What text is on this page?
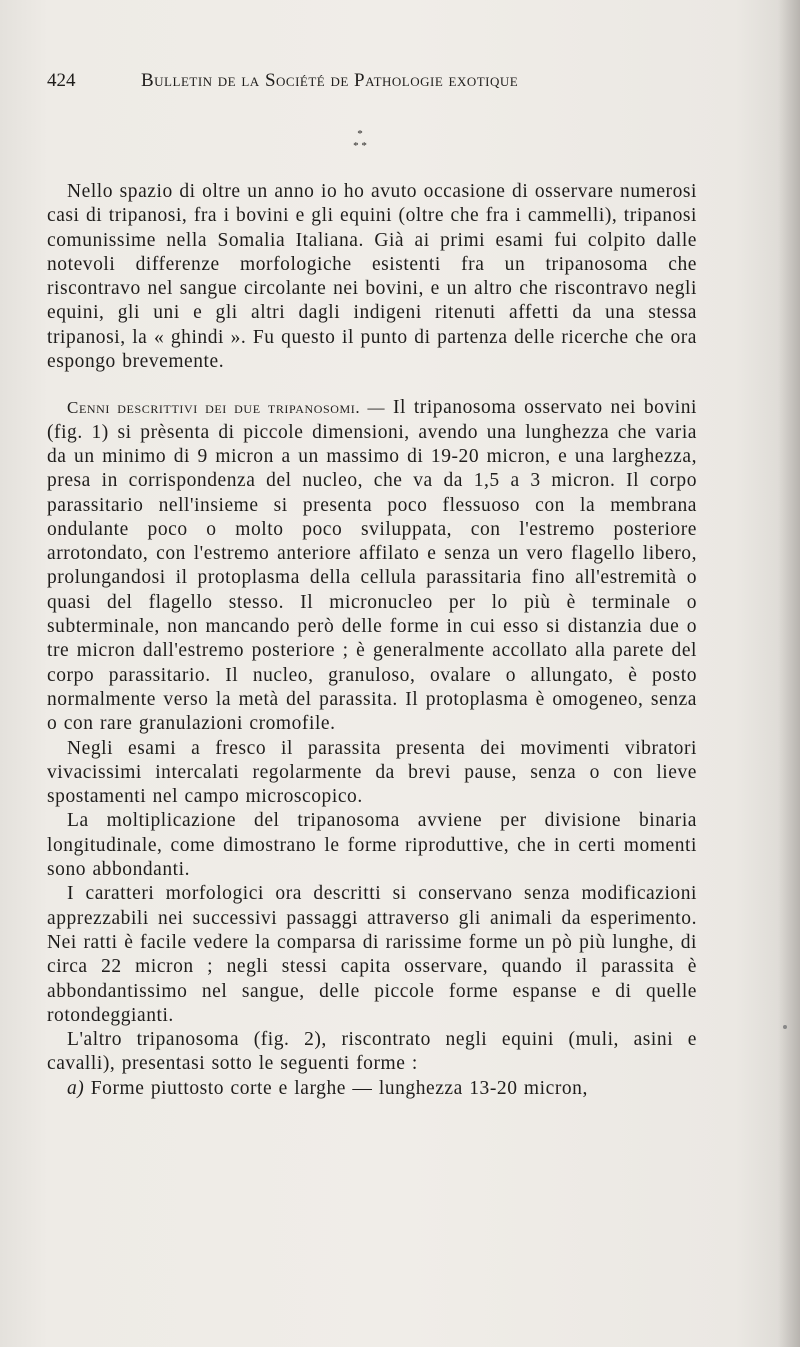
424	Bulletin de la Société de Pathologie exotique
*
* *

Nello spazio di oltre un anno io ho avuto occasione di osservare numerosi casi di tripanosi, fra i bovini e gli equini (oltre che fra i cammelli), tripanosi comunissime nella Somalia Italiana. Già ai primi esami fui colpito dalle notevoli differenze morfologiche esistenti fra un tripanosoma che riscontravo nel sangue circolante nei bovini, e un altro che riscontravo negli equini, gli uni e gli altri dagli indigeni ritenuti affetti da una stessa tripanosi, la « ghindi ». Fu questo il punto di partenza delle ricerche che ora espongo brevemente.

Cenni descrittivi dei due tripanosomi. — Il tripanosoma osservato nei bovini (fig. 1) si prèsenta di piccole dimensioni, avendo una lunghezza che varia da un minimo di 9 micron a un massimo di 19-20 micron, e una larghezza, presa in corrispondenza del nucleo, che va da 1,5 a 3 micron. Il corpo parassitario nell'insieme si presenta poco flessuoso con la membrana ondulante poco o molto poco sviluppata, con l'estremo posteriore arrotondato, con l'estremo anteriore affilato e senza un vero flagello libero, prolungandosi il protoplasma della cellula parassitaria fino all'estremità o quasi del flagello stesso. Il micronucleo per lo più è terminale o subterminale, non mancando però delle forme in cui esso si distanzia due o tre micron dall'estremo posteriore ; è generalmente accollato alla parete del corpo parassitario. Il nucleo, granuloso, ovalare o allungato, è posto normalmente verso la metà del parassita. Il protoplasma è omogeneo, senza o con rare granulazioni cromofile.

Negli esami a fresco il parassita presenta dei movimenti vibratori vivacissimi intercalati regolarmente da brevi pause, senza o con lieve spostamenti nel campo microscopico.

La moltiplicazione del tripanosoma avviene per divisione binaria longitudinale, come dimostrano le forme riproduttive, che in certi momenti sono abbondanti.

I caratteri morfologici ora descritti si conservano senza modificazioni apprezzabili nei successivi passaggi attraverso gli animali da esperimento. Nei ratti è facile vedere la comparsa di rarissime forme un pò più lunghe, di circa 22 micron ; negli stessi capita osservare, quando il parassita è abbondantissimo nel sangue, delle piccole forme espanse e di quelle rotondeggianti.

L'altro tripanosoma (fig. 2), riscontrato negli equini (muli, asini e cavalli), presentasi sotto le seguenti forme :

a) Forme piuttosto corte e larghe — lunghezza 13-20 micron,
